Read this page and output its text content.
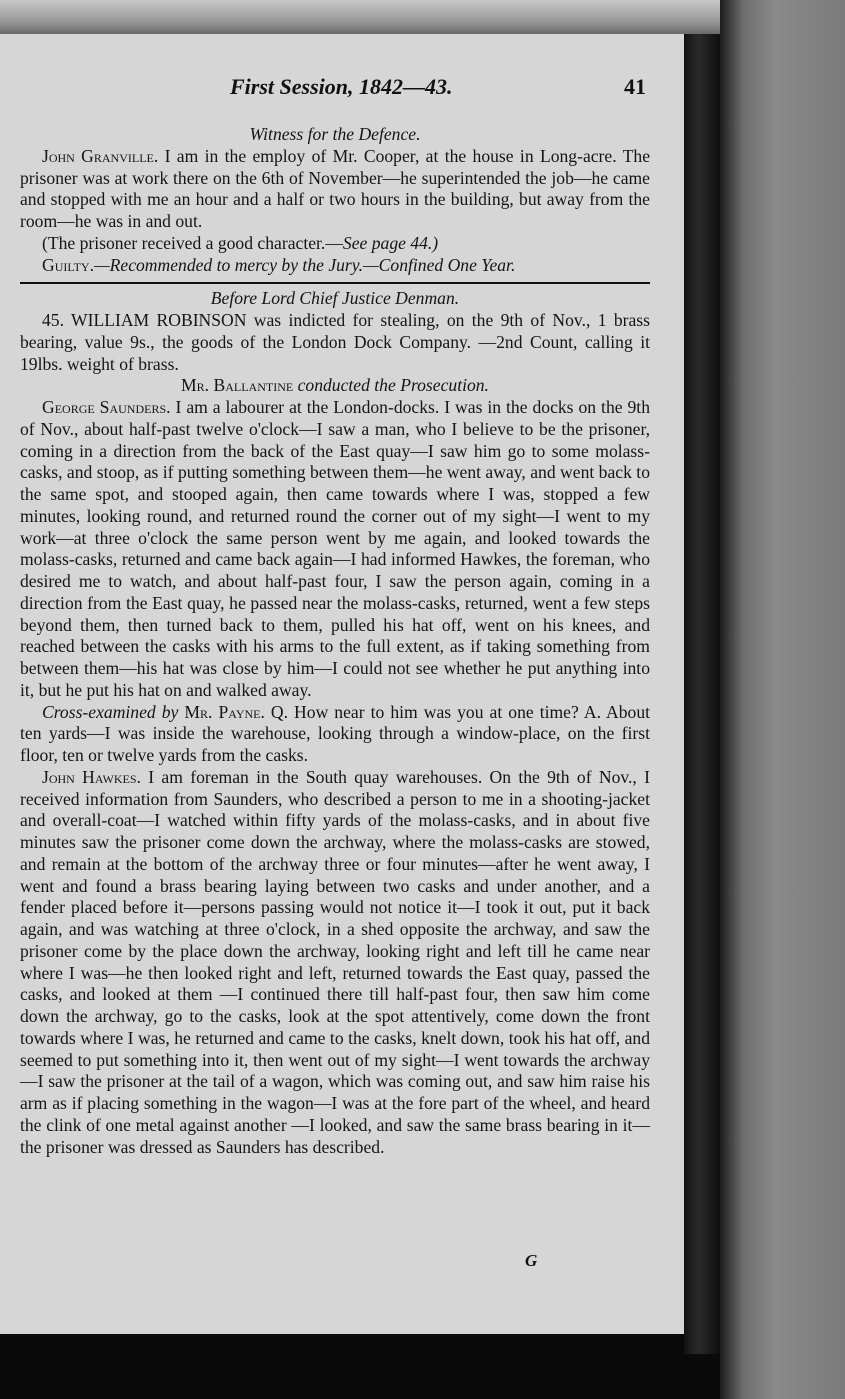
First Session, 1842—43.	41

Witness for the Defence.

John Granville. I am in the employ of Mr. Cooper, at the house in Long-acre. The prisoner was at work there on the 6th of November—he superintended the job—he came and stopped with me an hour and a half or two hours in the building, but away from the room—he was in and out.

(The prisoner received a good character.—See page 44.)

Guilty.—Recommended to mercy by the Jury.—Confined One Year.

Before Lord Chief Justice Denman.

45. WILLIAM ROBINSON was indicted for stealing, on the 9th of Nov., 1 brass bearing, value 9s., the goods of the London Dock Company. —2nd Count, calling it 19lbs. weight of brass.

Mr. Ballantine conducted the Prosecution.

George Saunders. I am a labourer at the London-docks. I was in the docks on the 9th of Nov., about half-past twelve o'clock—I saw a man, who I believe to be the prisoner, coming in a direction from the back of the East quay—I saw him go to some molass-casks, and stoop, as if putting something between them—he went away, and went back to the same spot, and stooped again, then came towards where I was, stopped a few minutes, looking round, and returned round the corner out of my sight—I went to my work—at three o'clock the same person went by me again, and looked towards the molass-casks, returned and came back again—I had informed Hawkes, the foreman, who desired me to watch, and about half-past four, I saw the person again, coming in a direction from the East quay, he passed near the molass-casks, returned, went a few steps beyond them, then turned back to them, pulled his hat off, went on his knees, and reached between the casks with his arms to the full extent, as if taking something from between them—his hat was close by him—I could not see whether he put anything into it, but he put his hat on and walked away.

Cross-examined by Mr. Payne. Q. How near to him was you at one time? A. About ten yards—I was inside the warehouse, looking through a window-place, on the first floor, ten or twelve yards from the casks.

John Hawkes. I am foreman in the South quay warehouses. On the 9th of Nov., I received information from Saunders, who described a person to me in a shooting-jacket and overall-coat—I watched within fifty yards of the molass-casks, and in about five minutes saw the prisoner come down the archway, where the molass-casks are stowed, and remain at the bottom of the archway three or four minutes—after he went away, I went and found a brass bearing laying between two casks and under another, and a fender placed before it—persons passing would not notice it—I took it out, put it back again, and was watching at three o'clock, in a shed opposite the archway, and saw the prisoner come by the place down the archway, looking right and left till he came near where I was—he then looked right and left, returned towards the East quay, passed the casks, and looked at them —I continued there till half-past four, then saw him come down the archway, go to the casks, look at the spot attentively, come down the front towards where I was, he returned and came to the casks, knelt down, took his hat off, and seemed to put something into it, then went out of my sight—I went towards the archway—I saw the prisoner at the tail of a wagon, which was coming out, and saw him raise his arm as if placing something in the wagon—I was at the fore part of the wheel, and heard the clink of one metal against another —I looked, and saw the same brass bearing in it—the prisoner was dressed as Saunders has described.

G
